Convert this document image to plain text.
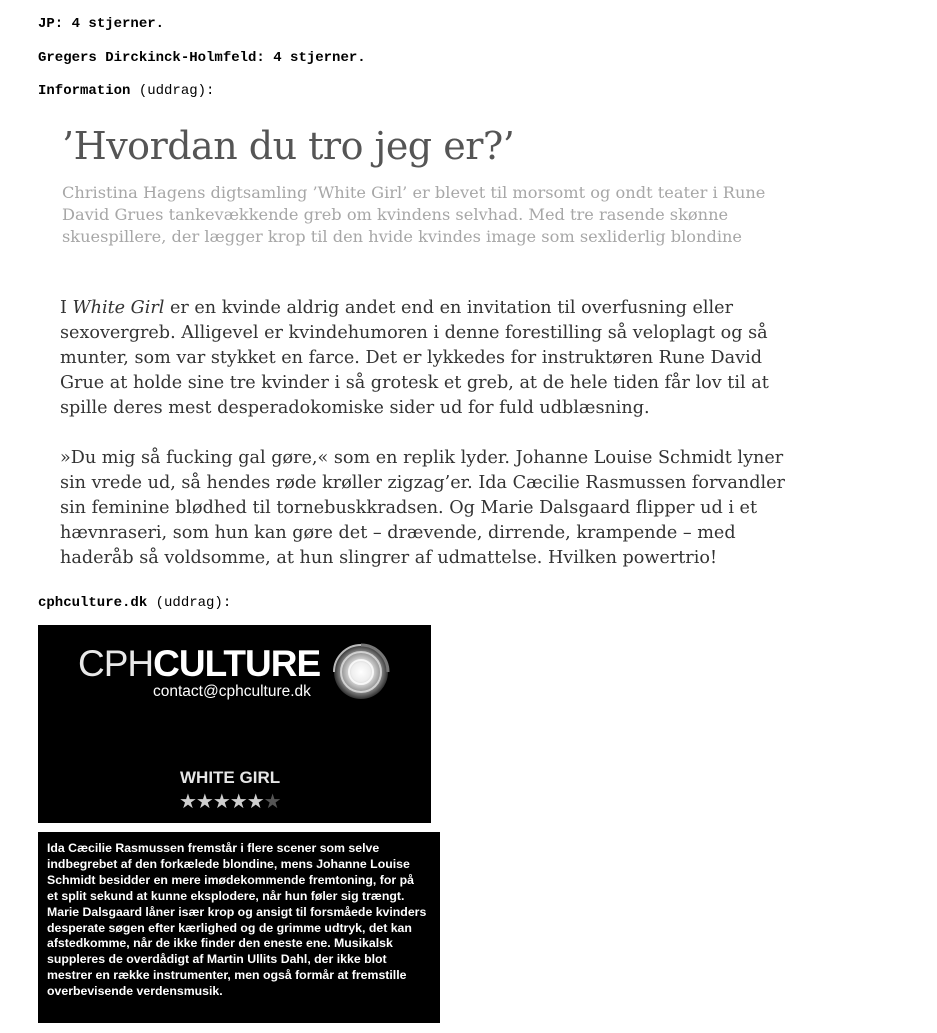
JP: 4 stjerner.
Gregers Dirckinck-Holmfeld: 4 stjerner.
Information (uddrag):
’Hvordan du tro jeg er?’
Christina Hagens digtsamling ’White Girl’ er blevet til morsomt og ondt teater i Rune David Grues tankevækkende greb om kvindens selvhad. Med tre rasende skønne skuespillere, der lægger krop til den hvide kvindes image som sexliderlig blondine
I White Girl er en kvinde aldrig andet end en invitation til overfusning eller sexovergreb. Alligevel er kvindehumoren i denne forestilling så veloplagt og så munter, som var stykket en farce. Det er lykkedes for instruktøren Rune David Grue at holde sine tre kvinder i så grotesk et greb, at de hele tiden får lov til at spille deres mest desperadokomiske sider ud for fuld udblæsning.
»Du mig så fucking gal gøre,« som en replik lyder. Johanne Louise Schmidt lyner sin vrede ud, så hendes røde krøller zigzag’er. Ida Cæcilie Rasmussen forvandler sin feminine blødhed til tornebuskkradsen. Og Marie Dalsgaard flipper ud i et hævnraseri, som hun kan gøre det – drævende, dirrende, krampende – med haderåb så voldsomme, at hun slingrer af udmattelse. Hvilken powertrio!
cphculture.dk (uddrag):
CPHCULTURE
contact@cphculture.dk
WHITE GIRL
★★★★★★
Ida Cæcilie Rasmussen fremstår i flere scener som selve indbegrebet af den forkælede blondine, mens Johanne Louise Schmidt besidder en mere imødekommende fremtoning, for på et split sekund at kunne eksplodere, når hun føler sig trængt. Marie Dalsgaard låner især krop og ansigt til forsmåede kvinders desperate søgen efter kærlighed og de grimme udtryk, det kan afstedkomme, når de ikke finder den eneste ene. Musikalsk suppleres de overdådigt af Martin Ullits Dahl, der ikke blot mestrer en række instrumenter, men også formår at fremstille overbevisende verdensmusik.
